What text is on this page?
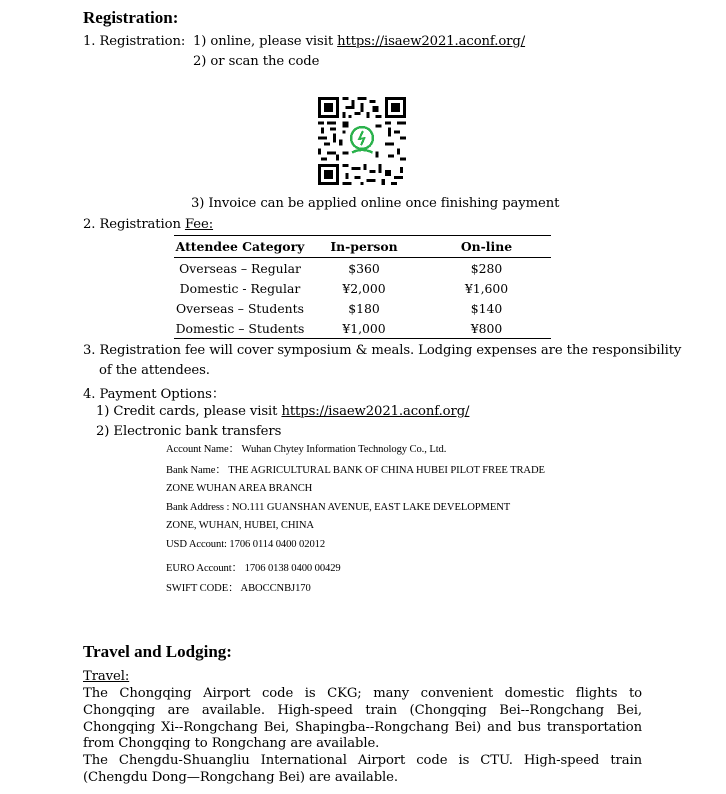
Registration:
1. Registration: 1) online, please visit https://isaew2021.aconf.org/
2) or scan the code
3) Invoice can be applied online once finishing payment
2. Registration Fee:
Attendee Category	In-person	On-line
Overseas – Regular	$360	$280
Domestic - Regular	¥2,000	¥1,600
Overseas – Students	$180	$140
Domestic – Students	¥1,000	¥800
3. Registration fee will cover symposium & meals. Lodging expenses are the responsibility
of the attendees.
4. Payment Options：
1) Credit cards, please visit https://isaew2021.aconf.org/
2) Electronic bank transfers
Account Name： Wuhan Chytey Information Technology Co., Ltd.
Bank Name： THE AGRICULTURAL BANK OF CHINA HUBEI PILOT FREE TRADE
ZONE WUHAN AREA BRANCH
Bank Address : NO.111 GUANSHAN AVENUE, EAST LAKE DEVELOPMENT
ZONE, WUHAN, HUBEI, CHINA
USD Account: 1706 0114 0400 02012
EURO Account： 1706 0138 0400 00429
SWIFT CODE： ABOCCNBJ170
Travel and Lodging:
Travel:
The Chongqing Airport code is CKG; many convenient domestic flights to Chongqing are available. High-speed train (Chongqing Bei--Rongchang Bei, Chongqing Xi--Rongchang Bei, Shapingba--Rongchang Bei) and bus transportation from Chongqing to Rongchang are available.
The Chengdu-Shuangliu International Airport code is CTU. High-speed train (Chengdu Dong—Rongchang Bei) are available.
